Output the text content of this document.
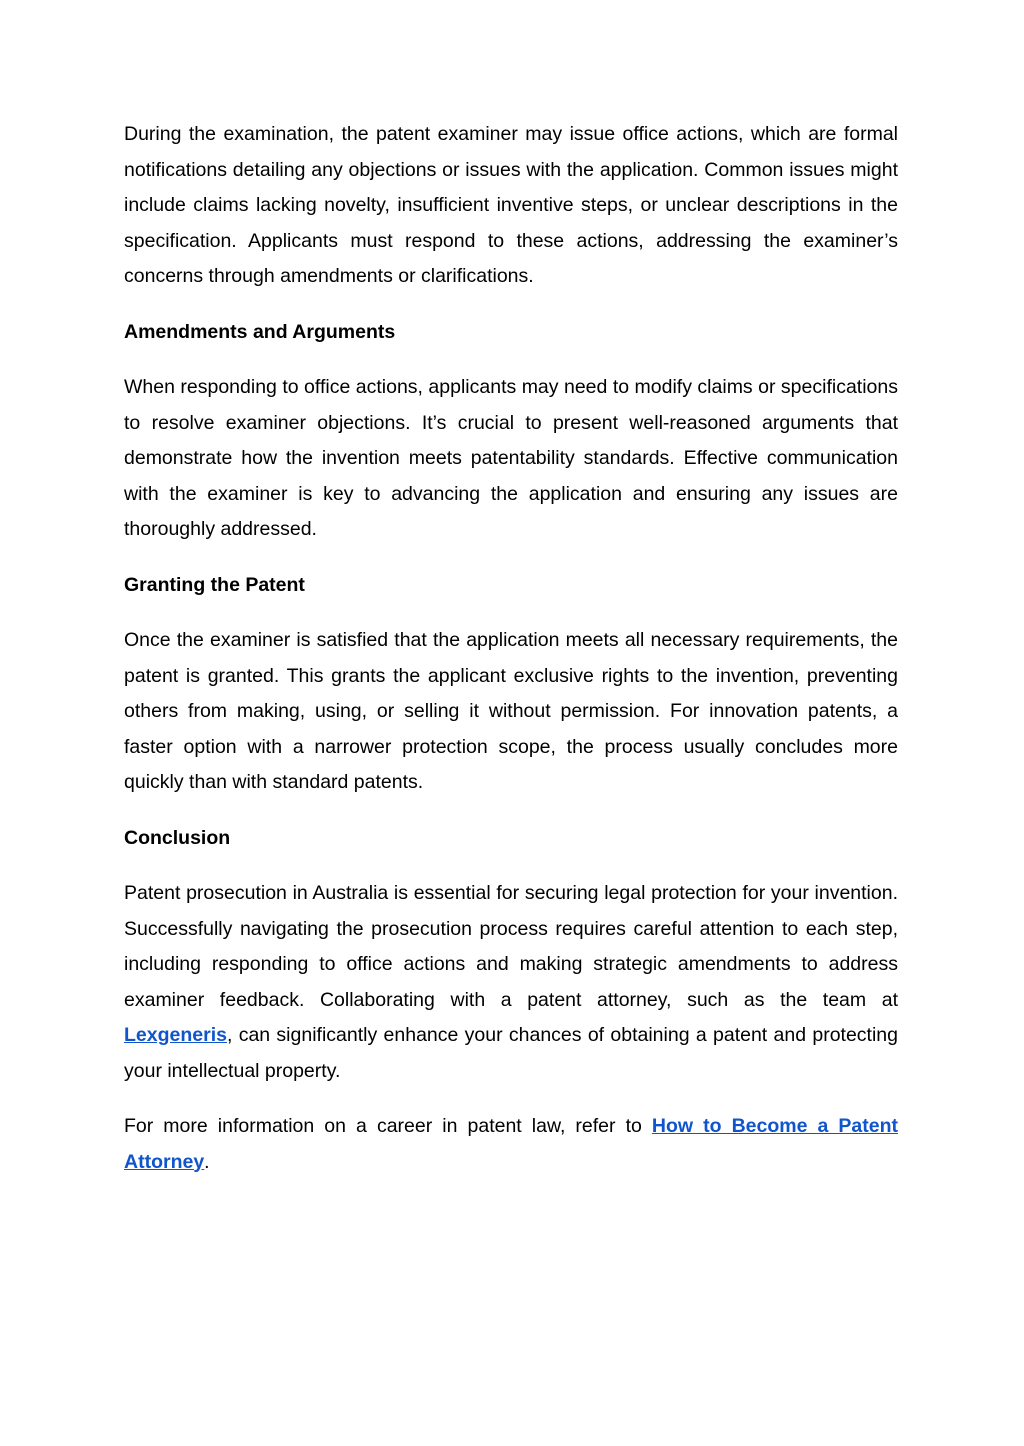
During the examination, the patent examiner may issue office actions, which are formal notifications detailing any objections or issues with the application. Common issues might include claims lacking novelty, insufficient inventive steps, or unclear descriptions in the specification. Applicants must respond to these actions, addressing the examiner’s concerns through amendments or clarifications.

Amendments and Arguments

When responding to office actions, applicants may need to modify claims or specifications to resolve examiner objections. It’s crucial to present well-reasoned arguments that demonstrate how the invention meets patentability standards. Effective communication with the examiner is key to advancing the application and ensuring any issues are thoroughly addressed.

Granting the Patent

Once the examiner is satisfied that the application meets all necessary requirements, the patent is granted. This grants the applicant exclusive rights to the invention, preventing others from making, using, or selling it without permission. For innovation patents, a faster option with a narrower protection scope, the process usually concludes more quickly than with standard patents.

Conclusion

Patent prosecution in Australia is essential for securing legal protection for your invention. Successfully navigating the prosecution process requires careful attention to each step, including responding to office actions and making strategic amendments to address examiner feedback. Collaborating with a patent attorney, such as the team at Lexgeneris, can significantly enhance your chances of obtaining a patent and protecting your intellectual property.

For more information on a career in patent law, refer to How to Become a Patent Attorney.
